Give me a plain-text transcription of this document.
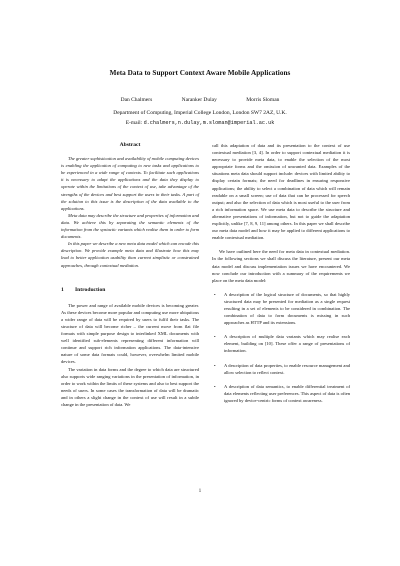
Meta Data to Support Context Aware Mobile Applications
Dan Chalmers	Naranker Dulay	Morris Sloman
Department of Computing, Imperial College London, London SW7 2AZ, U.K.
E-mail: d.chalmers,n.dulay,m.sloman@imperial.ac.uk
Abstract

The greater sophistication and availability of mobile computing devices is enabling the application of computing to new tasks and applications to be experienced in a wide range of contexts. To facilitate such applications it is necessary to adapt the applications and the data they display to operate within the limitations of the context of use, take advantage of the strengths of the devices and best support the users in their tasks. A part of the solution to this issue is the description of the data available to the applications.

Meta data may describe the structure and properties of information and data. We achieve this by separating the semantic elements of the information from the syntactic variants which realise them in order to form documents.

In this paper we describe a new meta data model which can encode this description. We provide example meta data and illustrate how this may lead to better application usability than current simplistic or constrained approaches, through contextual mediation.

1 Introduction

The power and range of available mobile devices is becoming greater. As these devices become more popular and computing use more ubiquitous a wider range of data will be required by users to fulfil their tasks. The structure of data will become richer – the current move from flat file formats with simple purpose design to interlinked XML documents with well identified sub-elements representing different information will continue and support rich information applications. The data-intensive nature of some data formats could, however, overwhelm limited mobile devices.

The variation in data forms and the degree to which data are structured also supports wide ranging variations in the presentation of information, in order to work within the limits of these systems and also to best support the needs of users. In some cases the transformation of data will be dramatic and in others a slight change in the context of use will result in a subtle change in the presentation of data. We

call this adaptation of data and its presentation to the context of use contextual mediation [3, 4]. In order to support contextual mediation it is necessary to provide meta data, to enable the selection of the most appropriate forms and the omission of unwanted data. Examples of the situations meta data should support include: devices with limited ability to display certain formats; the need for deadlines in ensuring responsive applications; the ability to select a combination of data which will remain readable on a small screen; use of data that can be processed for speech output; and also the selection of data which is most useful to the user from a rich information space. We use meta data to describe the structure and alternative presentations of information, but not to guide the adaptation explicitly, unlike [7, 8, 9, 11] among others. In this paper we shall describe our meta data model and how it may be applied to different applications to enable contextual mediation.

We have outlined here the need for meta data in contextual mediation. In the following sections we shall discuss the literature, present our meta data model and discuss implementation issues we have encountered. We now conclude our introduction with a summary of the requirements we place on the meta data model:

• A description of the logical structure of documents, so that highly structured data may be presented for mediation as a single request resulting in a set of elements to be considered in combination. The combination of data to form documents is missing in such approaches as HTTP and its extensions.
• A description of multiple data variants which may realise each element, building on [10]. These offer a range of presentations of information.
• A description of data properties, to enable resource management and allow selection to reflect context.
• A description of data semantics, to enable differential treatment of data elements reflecting user preferences. This aspect of data is often ignored by device-centric forms of context awareness.
1
